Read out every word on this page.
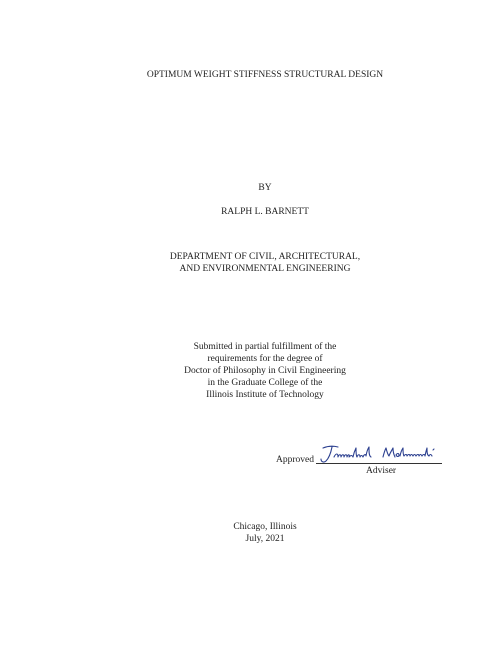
OPTIMUM WEIGHT STIFFNESS STRUCTURAL DESIGN
BY
RALPH L. BARNETT
DEPARTMENT OF CIVIL, ARCHITECTURAL,
AND ENVIRONMENTAL ENGINEERING
Submitted in partial fulfillment of the
requirements for the degree of
Doctor of Philosophy in Civil Engineering
in the Graduate College of the
Illinois Institute of Technology
Approved
Adviser
Chicago, Illinois
July, 2021
